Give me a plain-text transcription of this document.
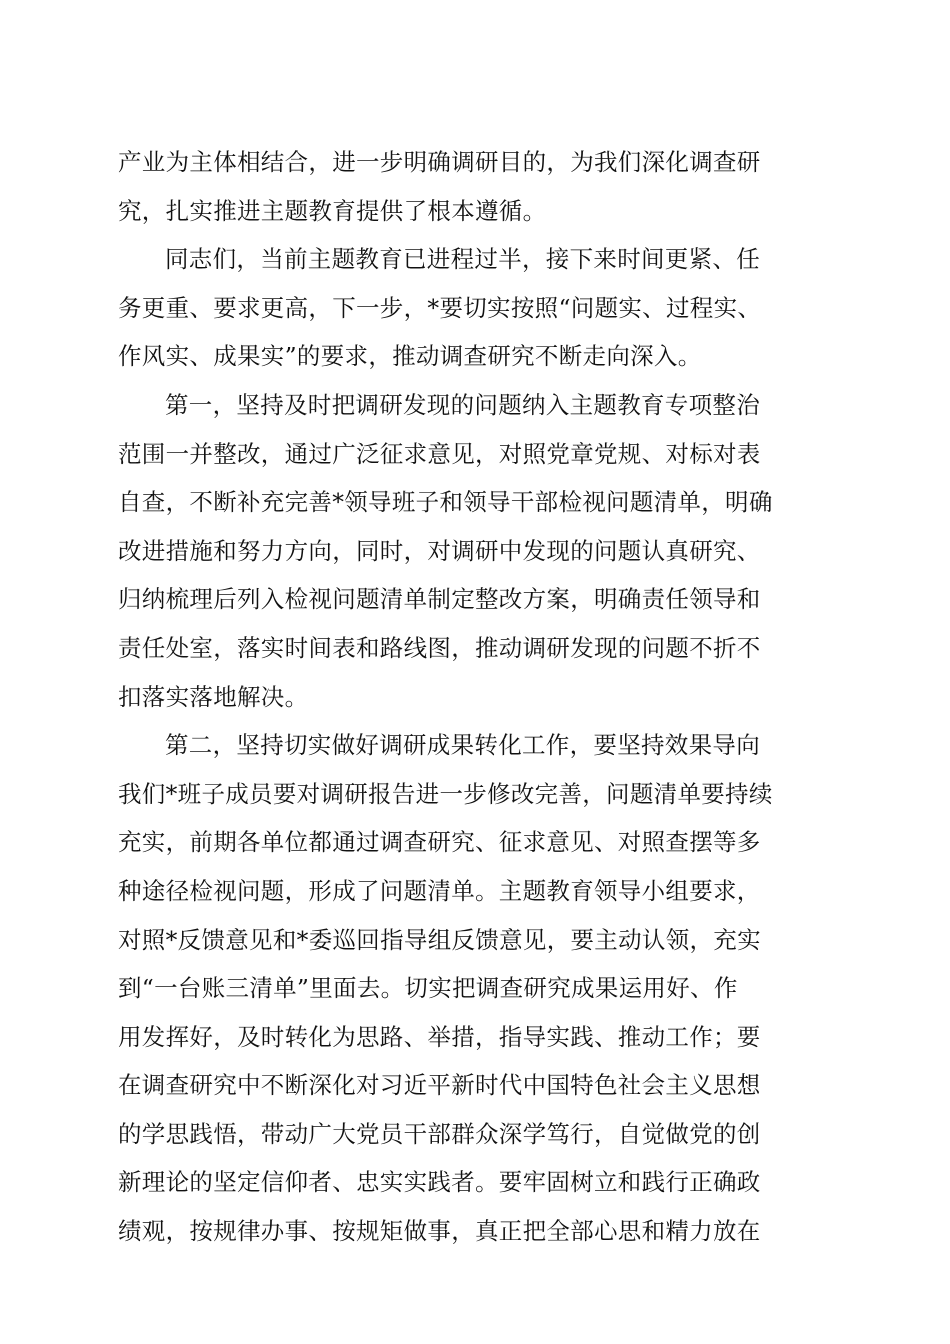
产业为主体相结合，进一步明确调研目的，为我们深化调查研
究，扎实推进主题教育提供了根本遵循。
同志们，当前主题教育已进程过半，接下来时间更紧、任
务更重、要求更高，下一步，*要切实按照“问题实、过程实、
作风实、成果实”的要求，推动调查研究不断走向深入。
第一，坚持及时把调研发现的问题纳入主题教育专项整治
范围一并整改，通过广泛征求意见，对照党章党规、对标对表
自查，不断补充完善*领导班子和领导干部检视问题清单，明确
改进措施和努力方向，同时，对调研中发现的问题认真研究、
归纳梳理后列入检视问题清单制定整改方案，明确责任领导和
责任处室，落实时间表和路线图，推动调研发现的问题不折不
扣落实落地解决。
第二，坚持切实做好调研成果转化工作，要坚持效果导向
我们*班子成员要对调研报告进一步修改完善，问题清单要持续
充实，前期各单位都通过调查研究、征求意见、对照查摆等多
种途径检视问题，形成了问题清单。主题教育领导小组要求，
对照*反馈意见和*委巡回指导组反馈意见，要主动认领，充实
到“一台账三清单”里面去。切实把调查研究成果运用好、作
用发挥好，及时转化为思路、举措，指导实践、推动工作；要
在调查研究中不断深化对习近平新时代中国特色社会主义思想
的学思践悟，带动广大党员干部群众深学笃行，自觉做党的创
新理论的坚定信仰者、忠实实践者。要牢固树立和践行正确政
绩观，按规律办事、按规矩做事，真正把全部心思和精力放在
